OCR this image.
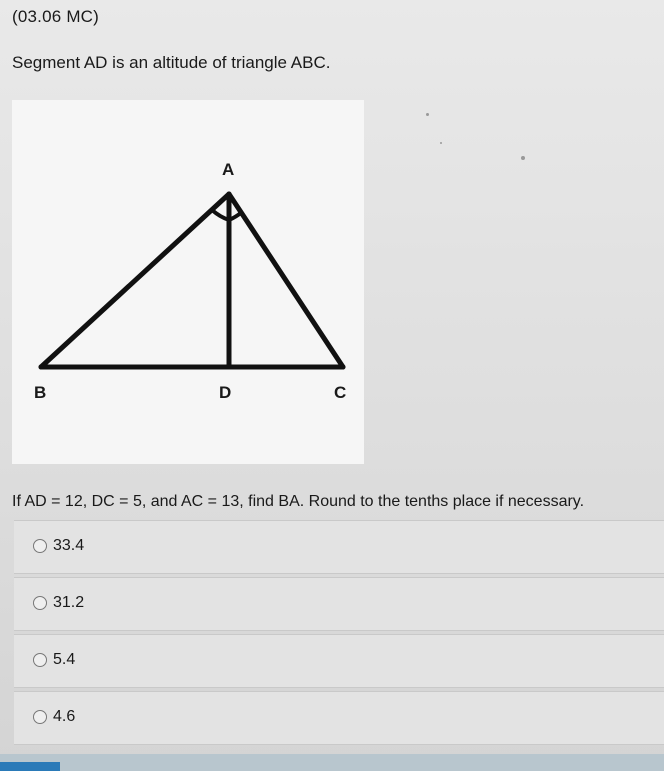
(03.06 MC)
Segment AD is an altitude of triangle ABC.
A
B	D	C
If AD = 12, DC = 5, and AC = 13, find BA. Round to the tenths place if necessary.
33.4
31.2
5.4
4.6
